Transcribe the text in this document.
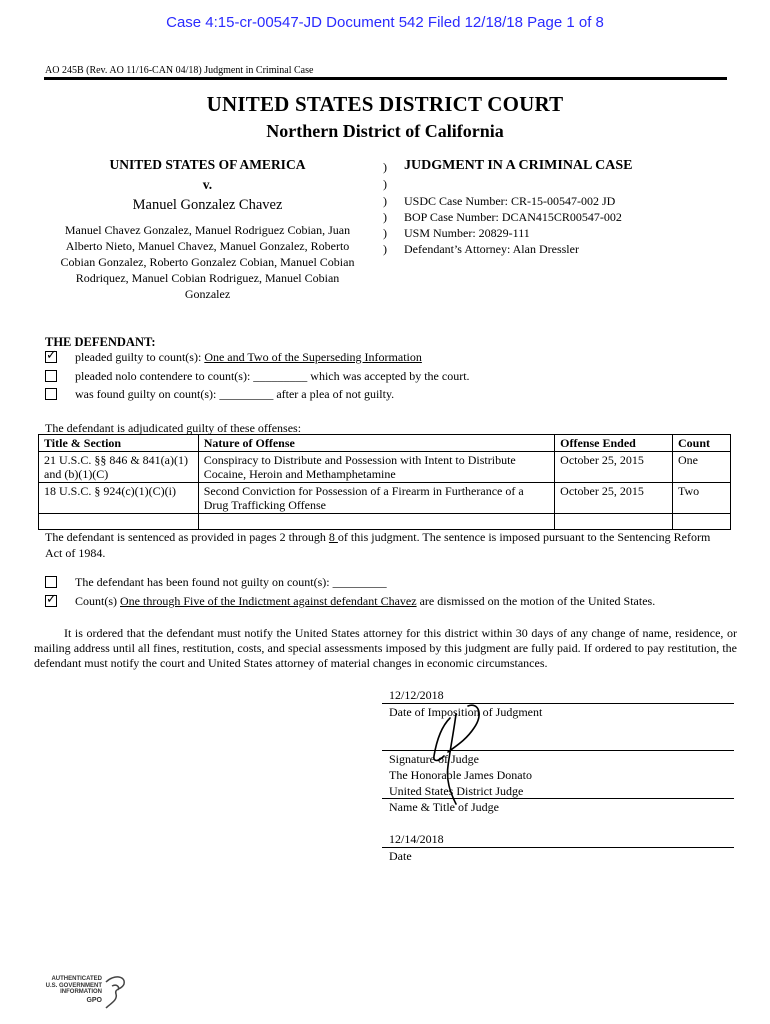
Case 4:15-cr-00547-JD Document 542 Filed 12/18/18 Page 1 of 8
AO 245B (Rev. AO 11/16-CAN 04/18) Judgment in Criminal Case
UNITED STATES DISTRICT COURT
Northern District of California
UNITED STATES OF AMERICA
v.
Manuel Gonzalez Chavez
Manuel Chavez Gonzalez, Manuel Rodriguez Cobian, Juan Alberto Nieto, Manuel Chavez, Manuel Gonzalez, Roberto Cobian Gonzalez, Roberto Gonzalez Cobian, Manuel Cobian Rodriquez, Manuel Cobian Rodriguez, Manuel Cobian Gonzalez
)
)
)
)
)
)
JUDGMENT IN A CRIMINAL CASE
USDC Case Number: CR-15-00547-002 JD
BOP Case Number: DCAN415CR00547-002
USM Number: 20829-111
Defendant’s Attorney: Alan Dressler
THE DEFENDANT:
✓
pleaded guilty to count(s): One and Two of the Superseding Information
pleaded nolo contendere to count(s): _________ which was accepted by the court.
was found guilty on count(s): _________ after a plea of not guilty.
The defendant is adjudicated guilty of these offenses:
Title & Section	Nature of Offense	Offense Ended	Count
21 U.S.C. §§ 846 & 841(a)(1) and (b)(1)(C)	Conspiracy to Distribute and Possession with Intent to Distribute Cocaine, Heroin and Methamphetamine	October 25, 2015	One
18 U.S.C. § 924(c)(1)(C)(i)	Second Conviction for Possession of a Firearm in Furtherance of a Drug Trafficking Offense	October 25, 2015	Two

The defendant is sentenced as provided in pages 2 through 8 of this judgment. The sentence is imposed pursuant to the Sentencing Reform Act of 1984.
The defendant has been found not guilty on count(s): _________
✓
Count(s) One through Five of the Indictment against defendant Chavez are dismissed on the motion of the United States.
It is ordered that the defendant must notify the United States attorney for this district within 30 days of any change of name, residence, or mailing address until all fines, restitution, costs, and special assessments imposed by this judgment are fully paid. If ordered to pay restitution, the defendant must notify the court and United States attorney of material changes in economic circumstances.
12/12/2018
Date of Imposition of Judgment
Signature of Judge
The Honorable James Donato
United States District Judge
Name & Title of Judge
12/14/2018
Date
AUTHENTICATED
U.S. GOVERNMENT
INFORMATION
GPO
